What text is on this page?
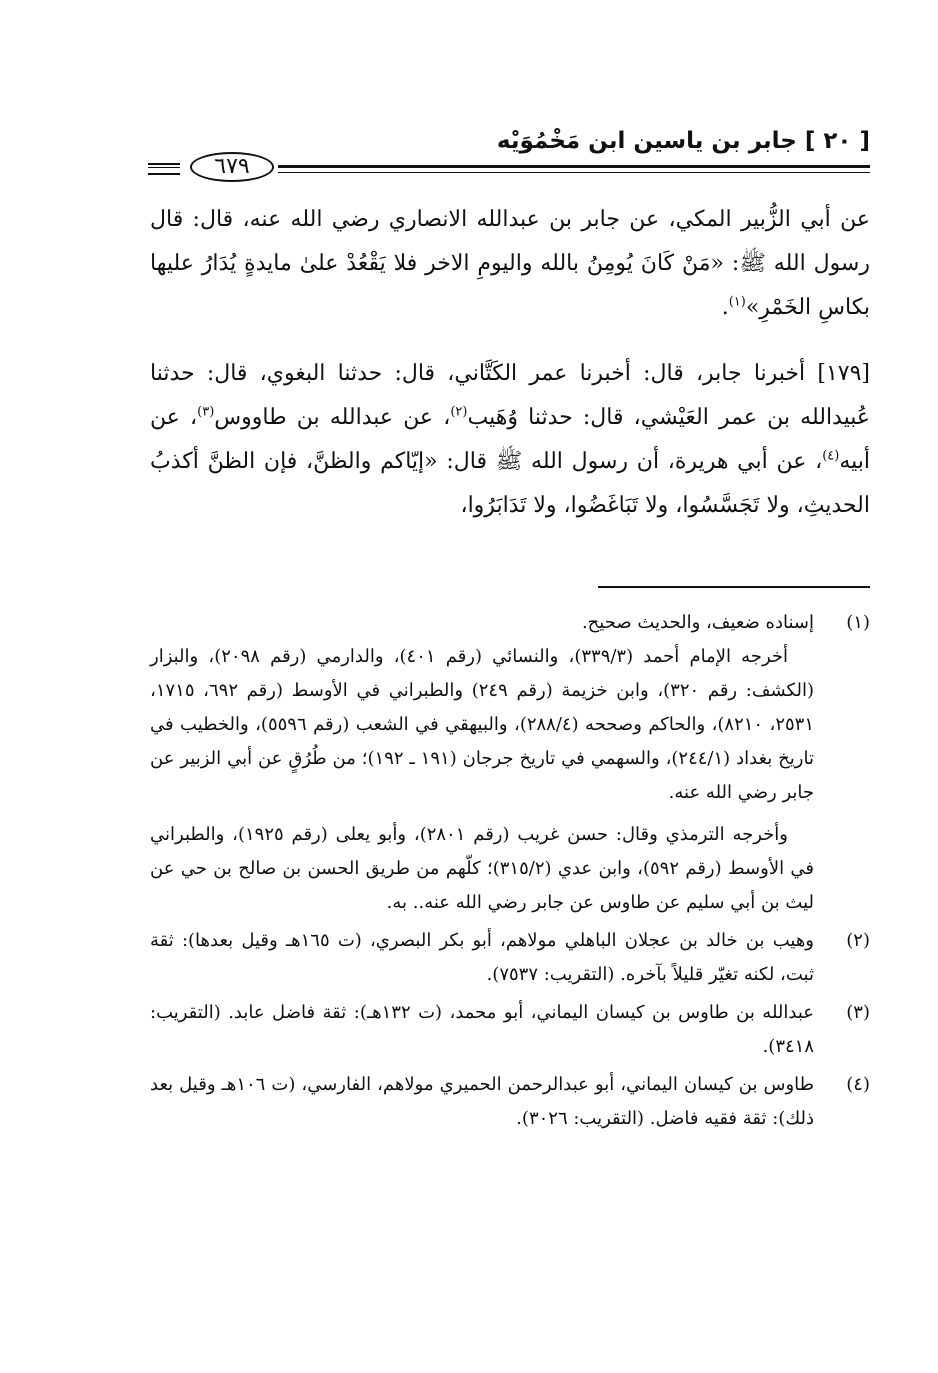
[ ٢٠ ] جابر بن ياسين ابن مَخْمُوَيْه
٦٧٩

عن أبي الزُّبير المكي، عن جابر بن عبدالله الانصاري رضي الله عنه، قال: قال رسول الله ﷺ: «مَنْ كَانَ يُومِنُ بالله واليومِ الاخر فلا يَقْعُدْ علىٰ مايدةٍ يُدَارُ عليها بكاسِ الخَمْرِ»$^{(١)}$.

[١٧٩] أخبرنا جابر، قال: أخبرنا عمر الكَتَّاني، قال: حدثنا البغوي، قال: حدثنا عُبيدالله بن عمر العَيْشي، قال: حدثنا وُهَيب$^{(٢)}$، عن عبدالله بن طاووس$^{(٣)}$، عن أبيه$^{(٤)}$، عن أبي هريرة، أن رسول الله ﷺ قال: «إيّاكم والظنَّ، فإن الظنَّ أكذبُ الحديثِ، ولا تَجَسَّسُوا، ولا تَبَاغَضُوا، ولا تَدَابَرُوا،

(١)

إسناده ضعيف، والحديث صحيح.

أخرجه الإمام أحمد (٣٣٩/٣)، والنسائي (رقم ٤٠١)، والدارمي (رقم ٢٠٩٨)، والبزار (الكشف: رقم ٣٢٠)، وابن خزيمة (رقم ٢٤٩) والطبراني في الأوسط (رقم ٦٩٢، ١٧١٥، ٢٥٣١، ٨٢١٠)، والحاكم وصححه (٢٨٨/٤)، والبيهقي في الشعب (رقم ٥٥٩٦)، والخطيب في تاريخ بغداد (٢٤٤/١)، والسهمي في تاريخ جرجان (١٩١ ـ ١٩٢)؛ من طُرُقٍ عن أبي الزبير عن جابر رضي الله عنه.

وأخرجه الترمذي وقال: حسن غريب (رقم ٢٨٠١)، وأبو يعلى (رقم ١٩٢٥)، والطبراني في الأوسط (رقم ٥٩٢)، وابن عدي (٣١٥/٢)؛ كلّهم من طريق الحسن بن صالح بن حي عن ليث بن أبي سليم عن طاوس عن جابر رضي الله عنه.. به.

(٢)

وهيب بن خالد بن عجلان الباهلي مولاهم، أبو بكر البصري، (ت ١٦٥هـ وقيل بعدها): ثقة ثبت، لكنه تغيّر قليلاً بآخره. (التقريب: ٧٥٣٧).

(٣)

عبدالله بن طاوس بن كيسان اليماني، أبو محمد، (ت ١٣٢هـ): ثقة فاضل عابد. (التقريب: ٣٤١٨).

(٤)

طاوس بن كيسان اليماني، أبو عبدالرحمن الحميري مولاهم، الفارسي، (ت ١٠٦هـ وقيل بعد ذلك): ثقة فقيه فاضل. (التقريب: ٣٠٢٦).
